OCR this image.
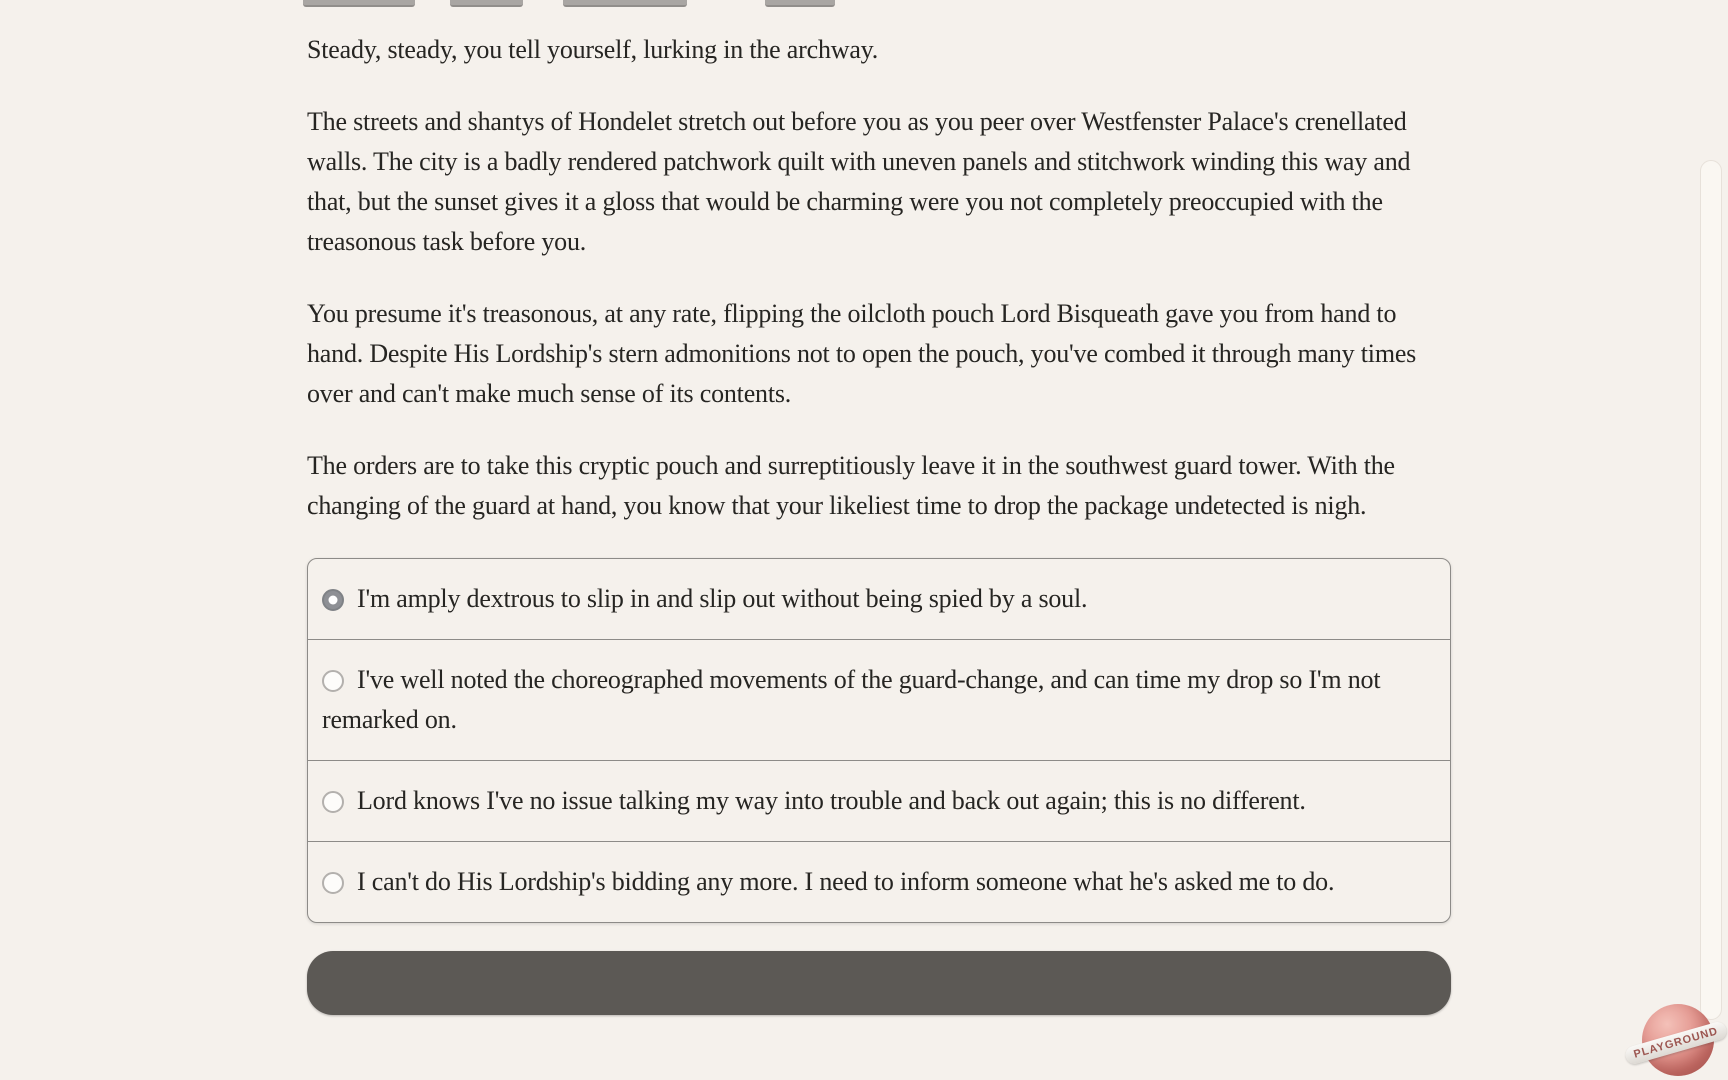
Steady, steady, you tell yourself, lurking in the archway.

The streets and shantys of Hondelet stretch out before you as you peer over Westfenster Palace's crenellated walls. The city is a badly rendered patchwork quilt with uneven panels and stitchwork winding this way and that, but the sunset gives it a gloss that would be charming were you not completely preoccupied with the treasonous task before you.

You presume it's treasonous, at any rate, flipping the oilcloth pouch Lord Bisqueath gave you from hand to hand. Despite His Lordship's stern admonitions not to open the pouch, you've combed it through many times over and can't make much sense of its contents.

The orders are to take this cryptic pouch and surreptitiously leave it in the southwest guard tower. With the changing of the guard at hand, you know that your likeliest time to drop the package undetected is nigh.

I'm amply dextrous to slip in and slip out without being spied by a soul.
I've well noted the choreographed movements of the guard-change, and can time my drop so I'm not remarked on.
Lord knows I've no issue talking my way into trouble and back out again; this is no different.
I can't do His Lordship's bidding any more. I need to inform someone what he's asked me to do.
PLAYGROUND
